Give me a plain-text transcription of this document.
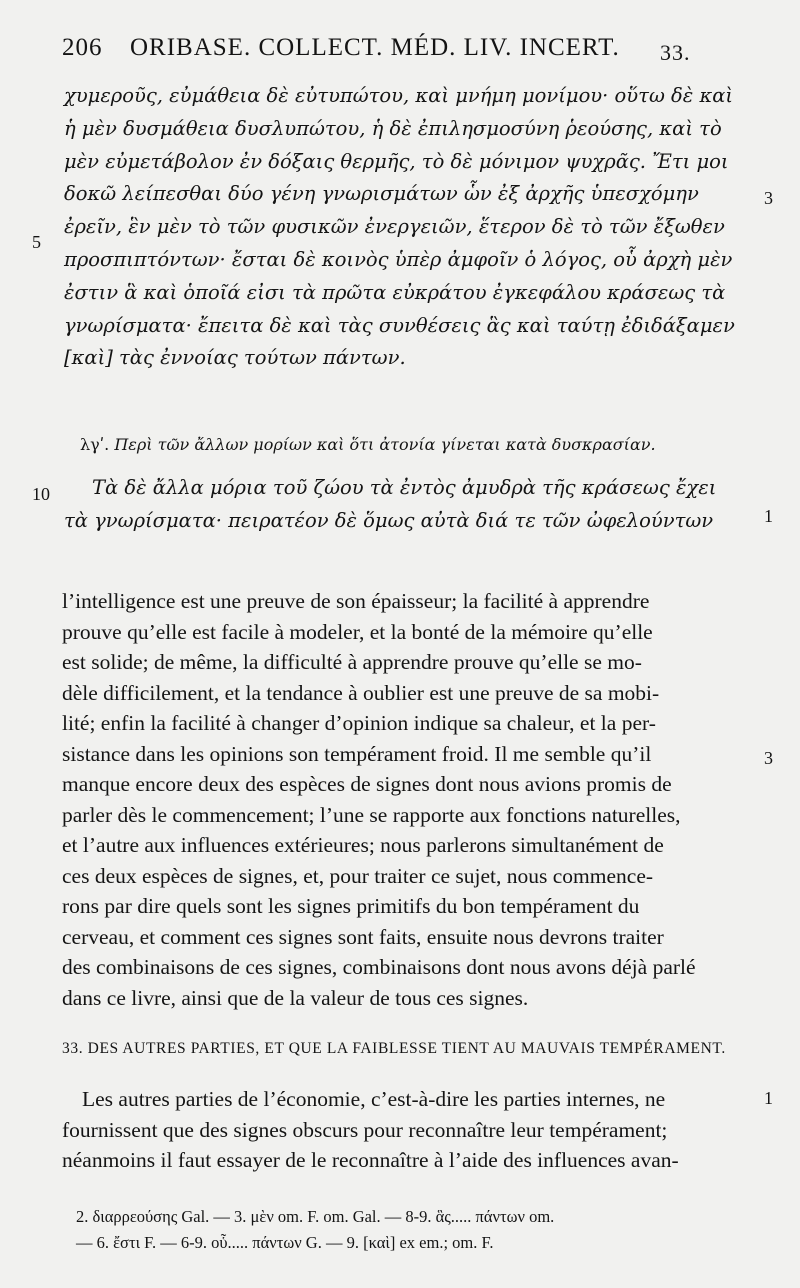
206 ORIBASE. COLLECT. MÉD. LIV. INCERT. 33.
χυμεροῦς, εὐμάθεια δὲ εὐτυπώτου, καὶ μνήμη μονίμου· οὕτω δὲ καὶ
ἡ μὲν δυσμάθεια δυσλυπώτου, ἡ δὲ ἐπιλησμοσύνη ῥεούσης, καὶ τὸ
μὲν εὐμετάβολον ἐν δόξαις θερμῆς, τὸ δὲ μόνιμον ψυχρᾶς. Ἔτι μοι
δοκῶ λείπεσθαι δύο γένη γνωρισμάτων ὧν ἐξ ἀρχῆς ὑπεσχόμην
ἐρεῖν, ἓν μὲν τὸ τῶν φυσικῶν ἐνεργειῶν, ἕτερον δὲ τὸ τῶν ἔξωθεν
προσπιπτόντων· ἔσται δὲ κοινὸς ὑπὲρ ἀμφοῖν ὁ λόγος, οὗ ἀρχὴ μὲν
ἐστιν ἃ καὶ ὁποῖά εἰσι τὰ πρῶτα εὐκράτου ἐγκεφάλου κράσεως τὰ
γνωρίσματα· ἔπειτα δὲ καὶ τὰς συνθέσεις ἃς καὶ ταύτῃ ἐδιδάξαμεν
[καὶ] τὰς ἐννοίας τούτων πάντων.
5
3
λγʹ. Περὶ τῶν ἄλλων μορίων καὶ ὅτι ἀτονία γίνεται κατὰ δυσκρασίαν.
10
1
Τὰ δὲ ἄλλα μόρια τοῦ ζώου τὰ ἐντὸς ἀμυδρὰ τῆς κράσεως ἔχει
τὰ γνωρίσματα· πειρατέον δὲ ὅμως αὐτὰ διά τε τῶν ὠφελούντων
l’intelligence est une preuve de son épaisseur; la facilité à apprendre
prouve qu’elle est facile à modeler, et la bonté de la mémoire qu’elle
est solide; de même, la difficulté à apprendre prouve qu’elle se mo-
dèle difficilement, et la tendance à oublier est une preuve de sa mobi-
lité; enfin la facilité à changer d’opinion indique sa chaleur, et la per-
sistance dans les opinions son tempérament froid. Il me semble qu’il
manque encore deux des espèces de signes dont nous avions promis de
parler dès le commencement; l’une se rapporte aux fonctions naturelles,
et l’autre aux influences extérieures; nous parlerons simultanément de
ces deux espèces de signes, et, pour traiter ce sujet, nous commence-
rons par dire quels sont les signes primitifs du bon tempérament du
cerveau, et comment ces signes sont faits, ensuite nous devrons traiter
des combinaisons de ces signes, combinaisons dont nous avons déjà parlé
dans ce livre, ainsi que de la valeur de tous ces signes.
3
33. DES AUTRES PARTIES, ET QUE LA FAIBLESSE TIENT AU MAUVAIS TEMPÉRAMENT.
1
Les autres parties de l’économie, c’est-à-dire les parties internes, ne
fournissent que des signes obscurs pour reconnaître leur tempérament;
néanmoins il faut essayer de le reconnaître à l’aide des influences avan-
2. διαρρεούσης Gal. — 3. μὲν om. F. om. Gal. — 8-9. ἃς..... πάντων om.
— 6. ἔστι F. — 6-9. οὗ..... πάντων G. — 9. [καὶ] ex em.; om. F.
